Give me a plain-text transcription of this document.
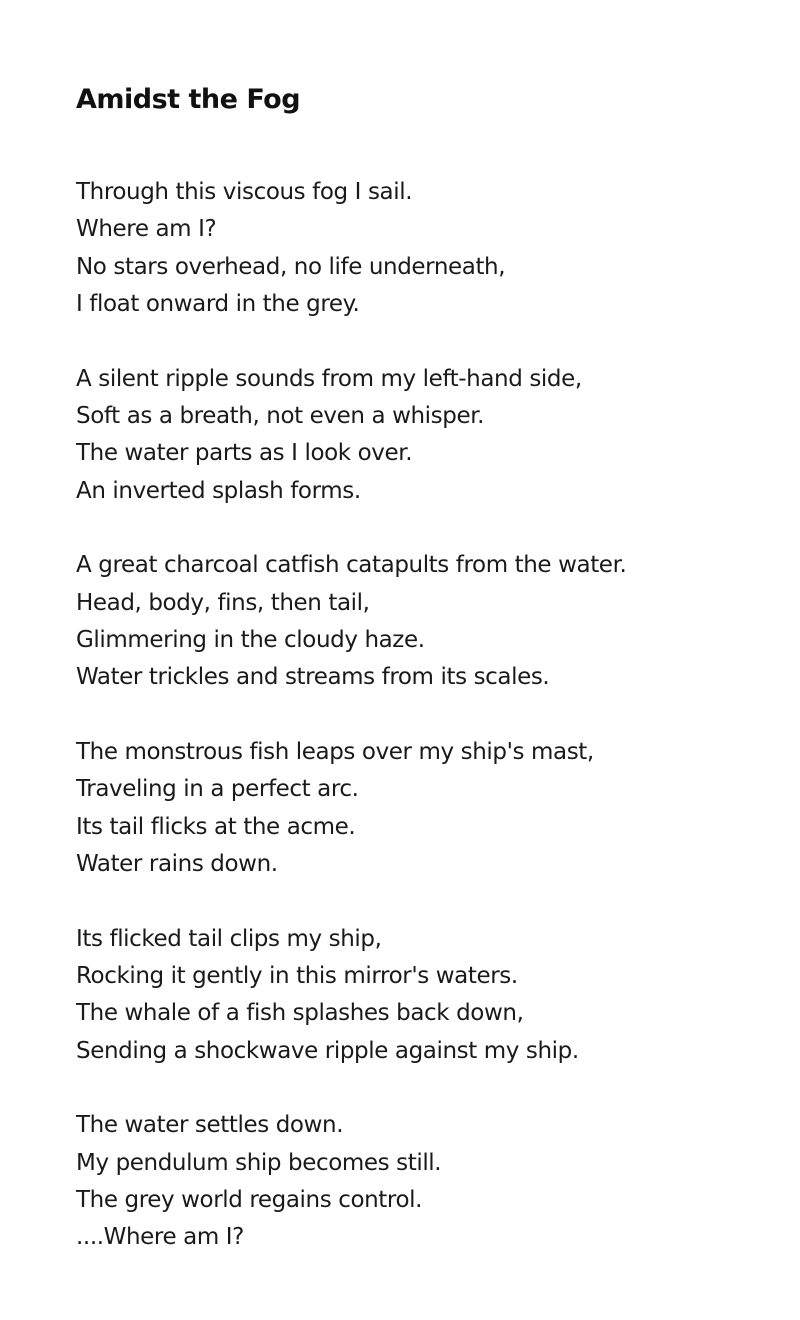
Amidst the Fog
Through this viscous fog I sail.
Where am I?
No stars overhead, no life underneath,
I float onward in the grey.
A silent ripple sounds from my left-hand side,
Soft as a breath, not even a whisper.
The water parts as I look over.
An inverted splash forms.
A great charcoal catfish catapults from the water.
Head, body, fins, then tail,
Glimmering in the cloudy haze.
Water trickles and streams from its scales.
The monstrous fish leaps over my ship's mast,
Traveling in a perfect arc.
Its tail flicks at the acme.
Water rains down.
Its flicked tail clips my ship,
Rocking it gently in this mirror's waters.
The whale of a fish splashes back down,
Sending a shockwave ripple against my ship.
The water settles down.
My pendulum ship becomes still.
The grey world regains control.
....Where am I?
